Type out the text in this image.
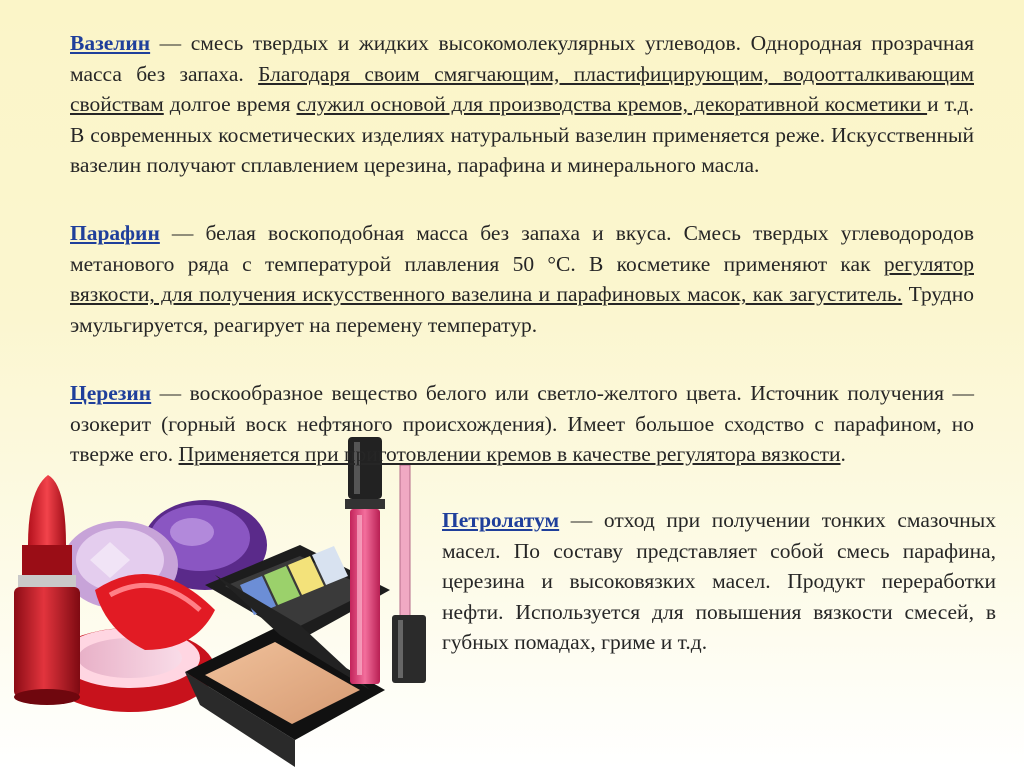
Вазелин — смесь твердых и жидких высокомолекулярных углеводов. Однородная прозрачная масса без запаха. Благодаря своим смягчающим, пластифицирующим, водоотталкивающим свойствам долгое время служил основой для производства кремов, декоративной косметики и т.д. В современных косметических изделиях натуральный вазелин применяется реже. Искусственный вазелин получают сплавлением церезина, парафина и минерального масла.

Парафин — белая воскоподобная масса без запаха и вкуса. Смесь твердых углеводородов метанового ряда с температурой плавления 50 °С. В косметике применяют как регулятор вязкости, для получения искусственного вазелина и парафиновых масок, как загуститель. Трудно эмульгируется, реагирует на перемену температур.

Церезин — воскообразное вещество белого или светло-желтого цвета. Источник получения — озокерит (горный воск нефтяного происхождения). Имеет большое сходство с парафином, но тверже его. Применяется при приготовлении кремов в качестве регулятора вязкости.

Петролатум — отход при получении тонких смазочных масел. По составу представляет собой смесь парафина, церезина и высоковязких масел. Продукт переработки нефти. Используется для повышения вязкости смесей, в губных помадах, гриме и т.д.
